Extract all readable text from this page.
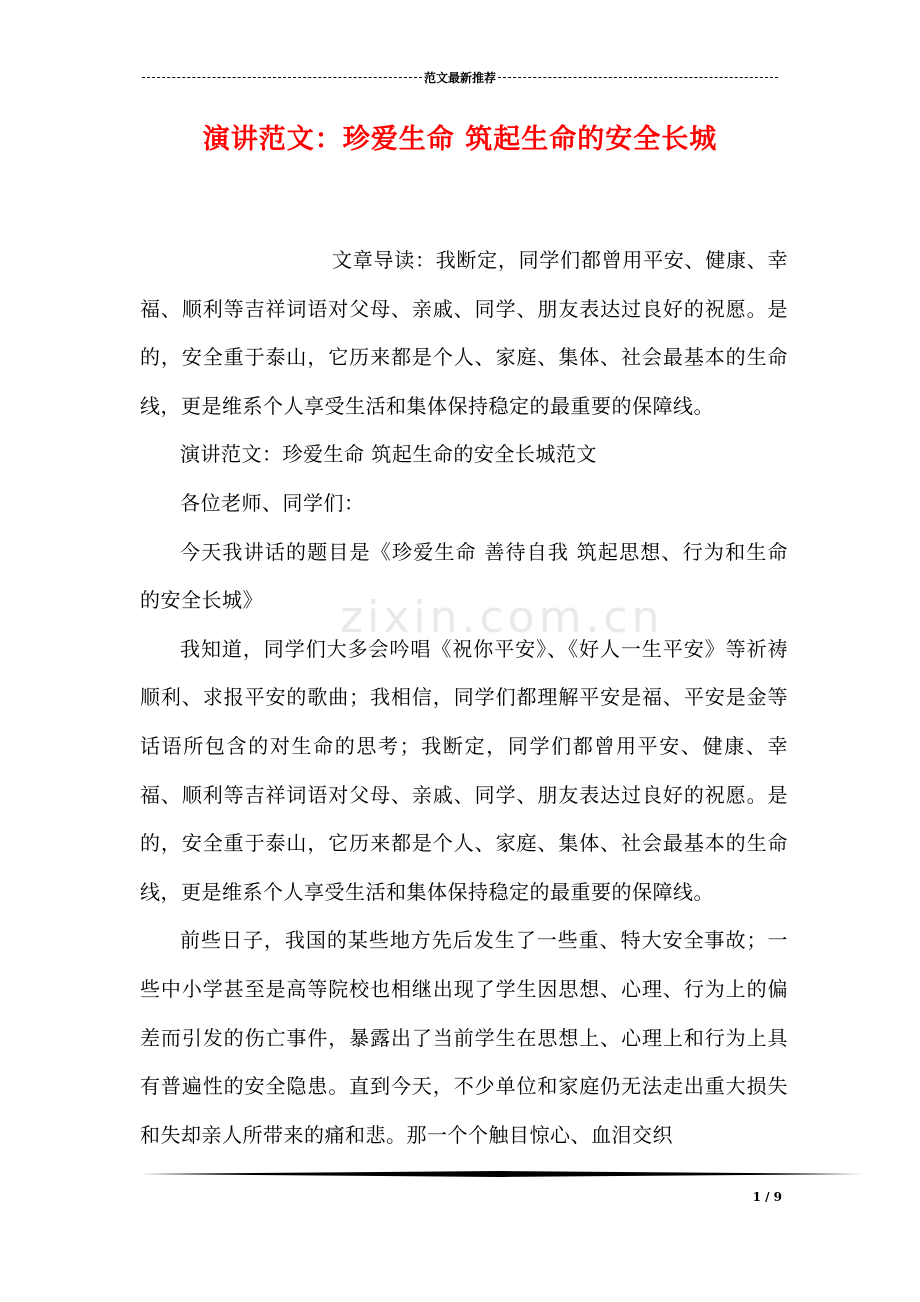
范文最新推荐
演讲范文：珍爱生命 筑起生命的安全长城
zixin.com.cn

文章导读：我断定，同学们都曾用平安、健康、幸福、顺利等吉祥词语对父母、亲戚、同学、朋友表达过良好的祝愿。是的，安全重于泰山，它历来都是个人、家庭、集体、社会最基本的生命线，更是维系个人享受生活和集体保持稳定的最重要的保障线。

演讲范文：珍爱生命 筑起生命的安全长城范文

各位老师、同学们：

今天我讲话的题目是《珍爱生命 善待自我 筑起思想、行为和生命的安全长城》

我知道，同学们大多会吟唱《祝你平安》、《好人一生平安》等祈祷顺利、求报平安的歌曲；我相信，同学们都理解平安是福、平安是金等话语所包含的对生命的思考；我断定，同学们都曾用平安、健康、幸福、顺利等吉祥词语对父母、亲戚、同学、朋友表达过良好的祝愿。是的，安全重于泰山，它历来都是个人、家庭、集体、社会最基本的生命线，更是维系个人享受生活和集体保持稳定的最重要的保障线。

前些日子，我国的某些地方先后发生了一些重、特大安全事故；一些中小学甚至是高等院校也相继出现了学生因思想、心理、行为上的偏差而引发的伤亡事件，暴露出了当前学生在思想上、心理上和行为上具有普遍性的安全隐患。直到今天，不少单位和家庭仍无法走出重大损失和失却亲人所带来的痛和悲。那一个个触目惊心、血泪交织

1 / 9
